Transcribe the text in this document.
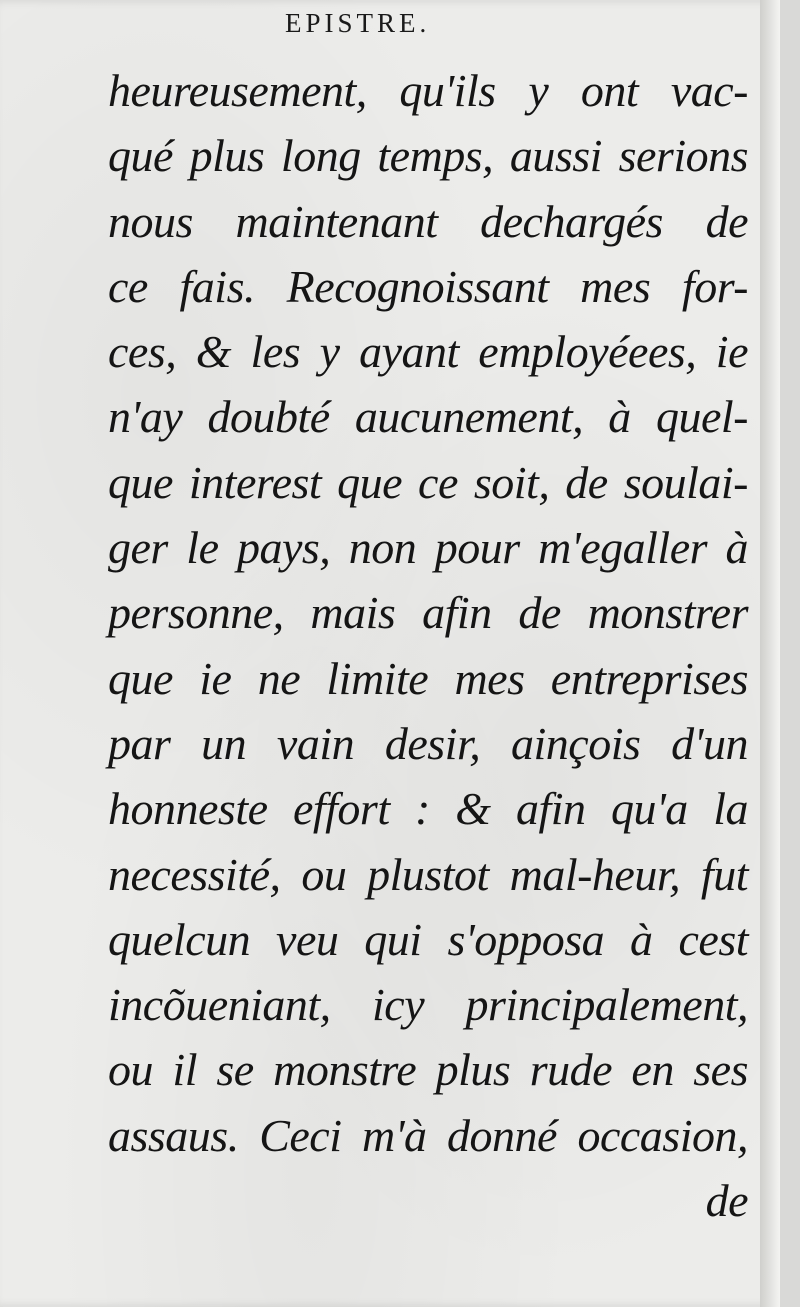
EPISTRE.
heureusement, qu'ils y ont vac-
qué plus long temps, aussi serions
nous maintenant dechargés de
ce fais. Recognoissant mes for-
ces, & les y ayant employéees, ie
n'ay doubté aucunement, à quel-
que interest que ce soit, de soulai-
ger le pays, non pour m'egaller à
personne, mais afin de monstrer
que ie ne limite mes entreprises
par un vain desir, ainçois d'un
honneste effort : & afin qu'a la
necessité, ou plustot mal-heur, fut
quelcun veu qui s'opposa à cest
incõueniant, icy principalement,
ou il se monstre plus rude en ses
assaus. Ceci m'à donné occasion,
de
